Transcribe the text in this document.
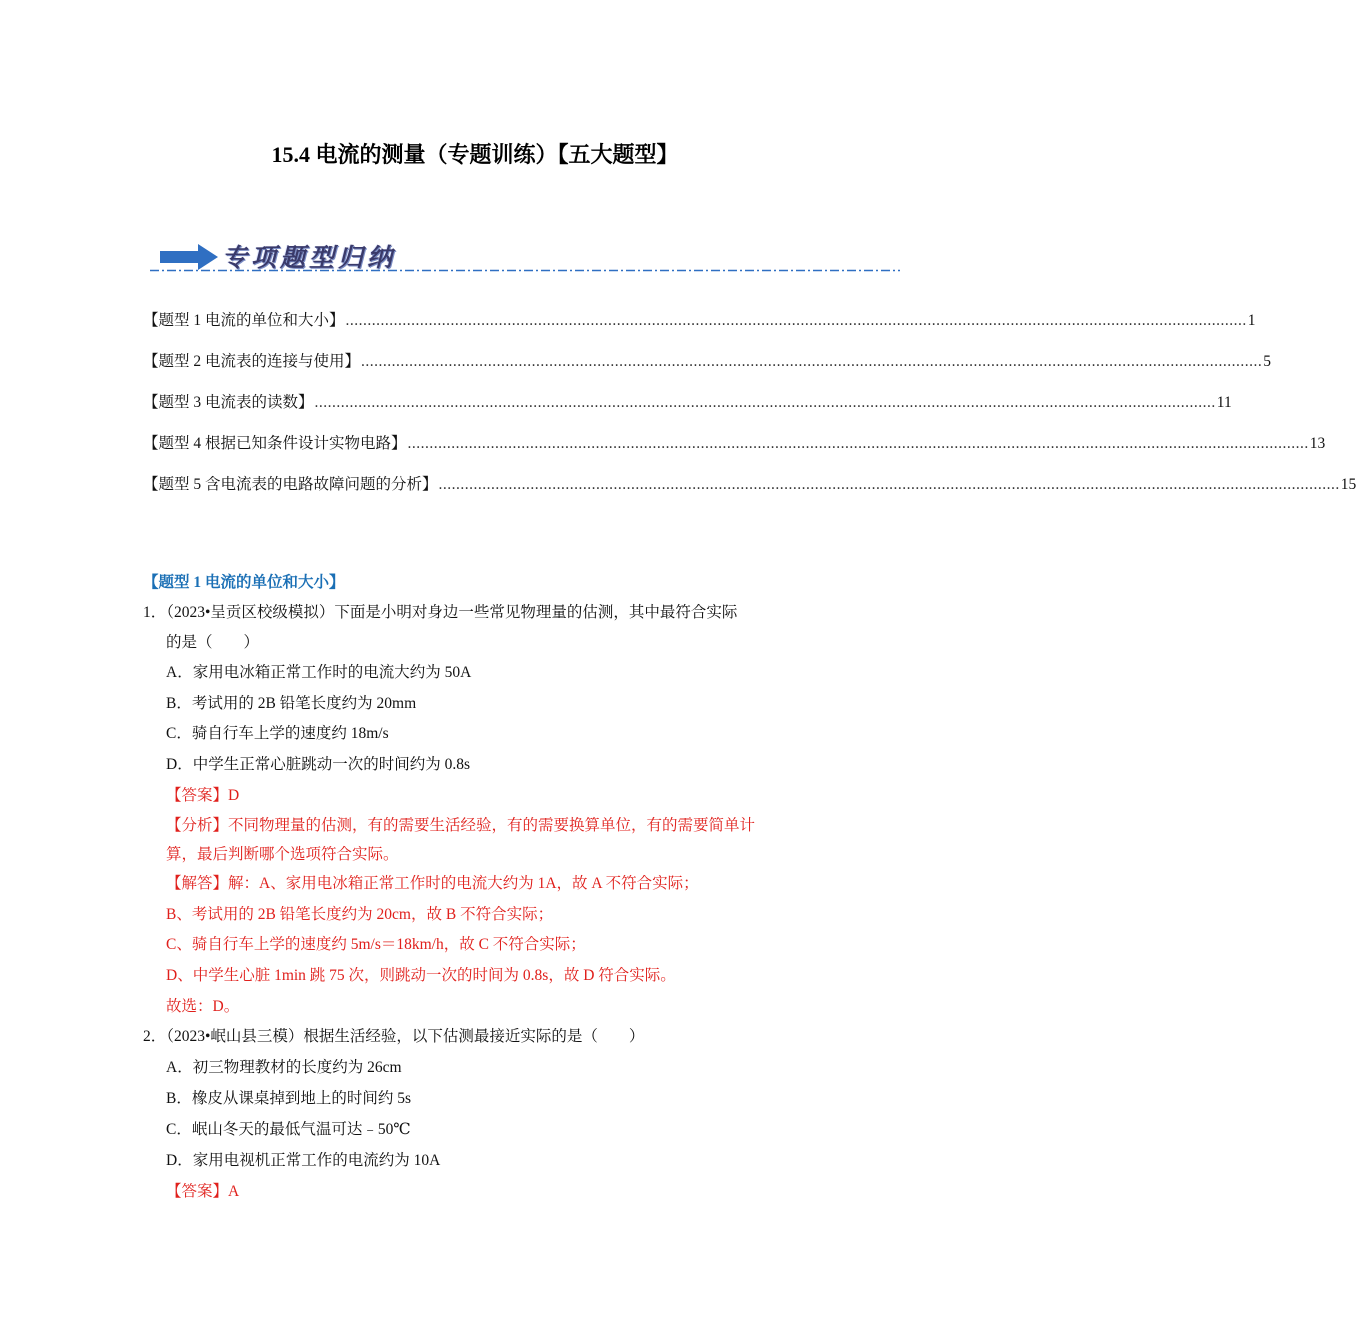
15.4 电流的测量（专题训练）【五大题型】
专项题型归纳
【题型 1 电流的单位和大小】 .............................................................................................................................................................................................................. 1
【题型 2 电流表的连接与使用】 .............................................................................................................................................................................................................. 5
【题型 3 电流表的读数】 .............................................................................................................................................................................................................. 11
【题型 4 根据已知条件设计实物电路】 .............................................................................................................................................................................................................. 13
【题型 5 含电流表的电路故障问题的分析】 .............................................................................................................................................................................................................. 15
【题型 1 电流的单位和大小】
1．（2023•呈贡区校级模拟）下面是小明对身边一些常见物理量的估测，其中最符合实际
的是（　　）
A．家用电冰箱正常工作时的电流大约为 50A
B．考试用的 2B 铅笔长度约为 20mm
C．骑自行车上学的速度约 18m/s
D．中学生正常心脏跳动一次的时间约为 0.8s
【答案】D
【分析】不同物理量的估测，有的需要生活经验，有的需要换算单位，有的需要简单计
算，最后判断哪个选项符合实际。
【解答】解：A、家用电冰箱正常工作时的电流大约为 1A，故 A 不符合实际；
B、考试用的 2B 铅笔长度约为 20cm，故 B 不符合实际；
C、骑自行车上学的速度约 5m/s＝18km/h，故 C 不符合实际；
D、中学生心脏 1min 跳 75 次，则跳动一次的时间为 0.8s，故 D 符合实际。
故选：D。
2．（2023•岷山县三模）根据生活经验，以下估测最接近实际的是（　　）
A．初三物理教材的长度约为 26cm
B．橡皮从课桌掉到地上的时间约 5s
C．岷山冬天的最低气温可达﹣50℃
D．家用电视机正常工作的电流约为 10A
【答案】A
